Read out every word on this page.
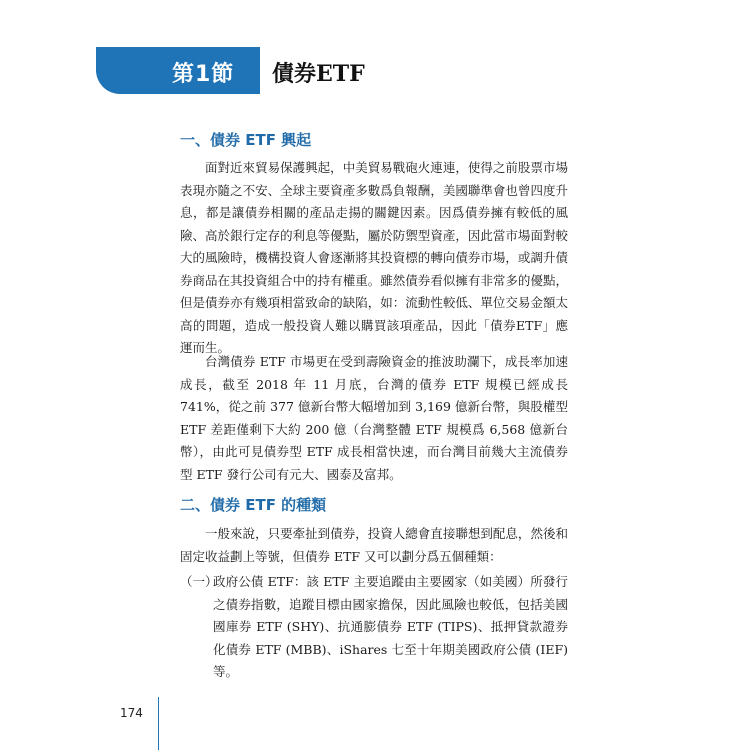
第1節 債券ETF
一、債券 ETF 興起

面對近來貿易保護興起，中美貿易戰砲火連連，使得之前股票市場表現亦隨之不安、全球主要資產多數爲負報酬，美國聯準會也曾四度升息，都是讓債券相關的產品走揚的關鍵因素。因爲債券擁有較低的風險、高於銀行定存的利息等優點，屬於防禦型資產，因此當市場面對較大的風險時，機構投資人會逐漸將其投資標的轉向債券市場，或調升債券商品在其投資組合中的持有權重。雖然債券看似擁有非常多的優點，但是債券亦有幾項相當致命的缺陷，如：流動性較低、單位交易金額太高的問題，造成一般投資人難以購買該項產品，因此「債券ETF」應運而生。

台灣債券 ETF 市場更在受到壽險資金的推波助瀾下，成長率加速成長，截至 2018 年 11 月底，台灣的債券 ETF 規模已經成長 741%，從之前 377 億新台幣大幅增加到 3,169 億新台幣，與股權型 ETF 差距僅剩下大約 200 億（台灣整體 ETF 規模爲 6,568 億新台幣），由此可見債券型 ETF 成長相當快速，而台灣目前幾大主流債券型 ETF 發行公司有元大、國泰及富邦。

二、債券 ETF 的種類

一般來說，只要牽扯到債券，投資人總會直接聯想到配息，然後和固定收益劃上等號，但債券 ETF 又可以劃分爲五個種類：

（一）
政府公債 ETF：該 ETF 主要追蹤由主要國家（如美國）所發行之債券指數，追蹤目標由國家擔保，因此風險也較低，包括美國國庫券 ETF (SHY)、抗通膨債券 ETF (TIPS)、抵押貸款證券化債券 ETF (MBB)、iShares 七至十年期美國政府公債 (IEF)等。
174
